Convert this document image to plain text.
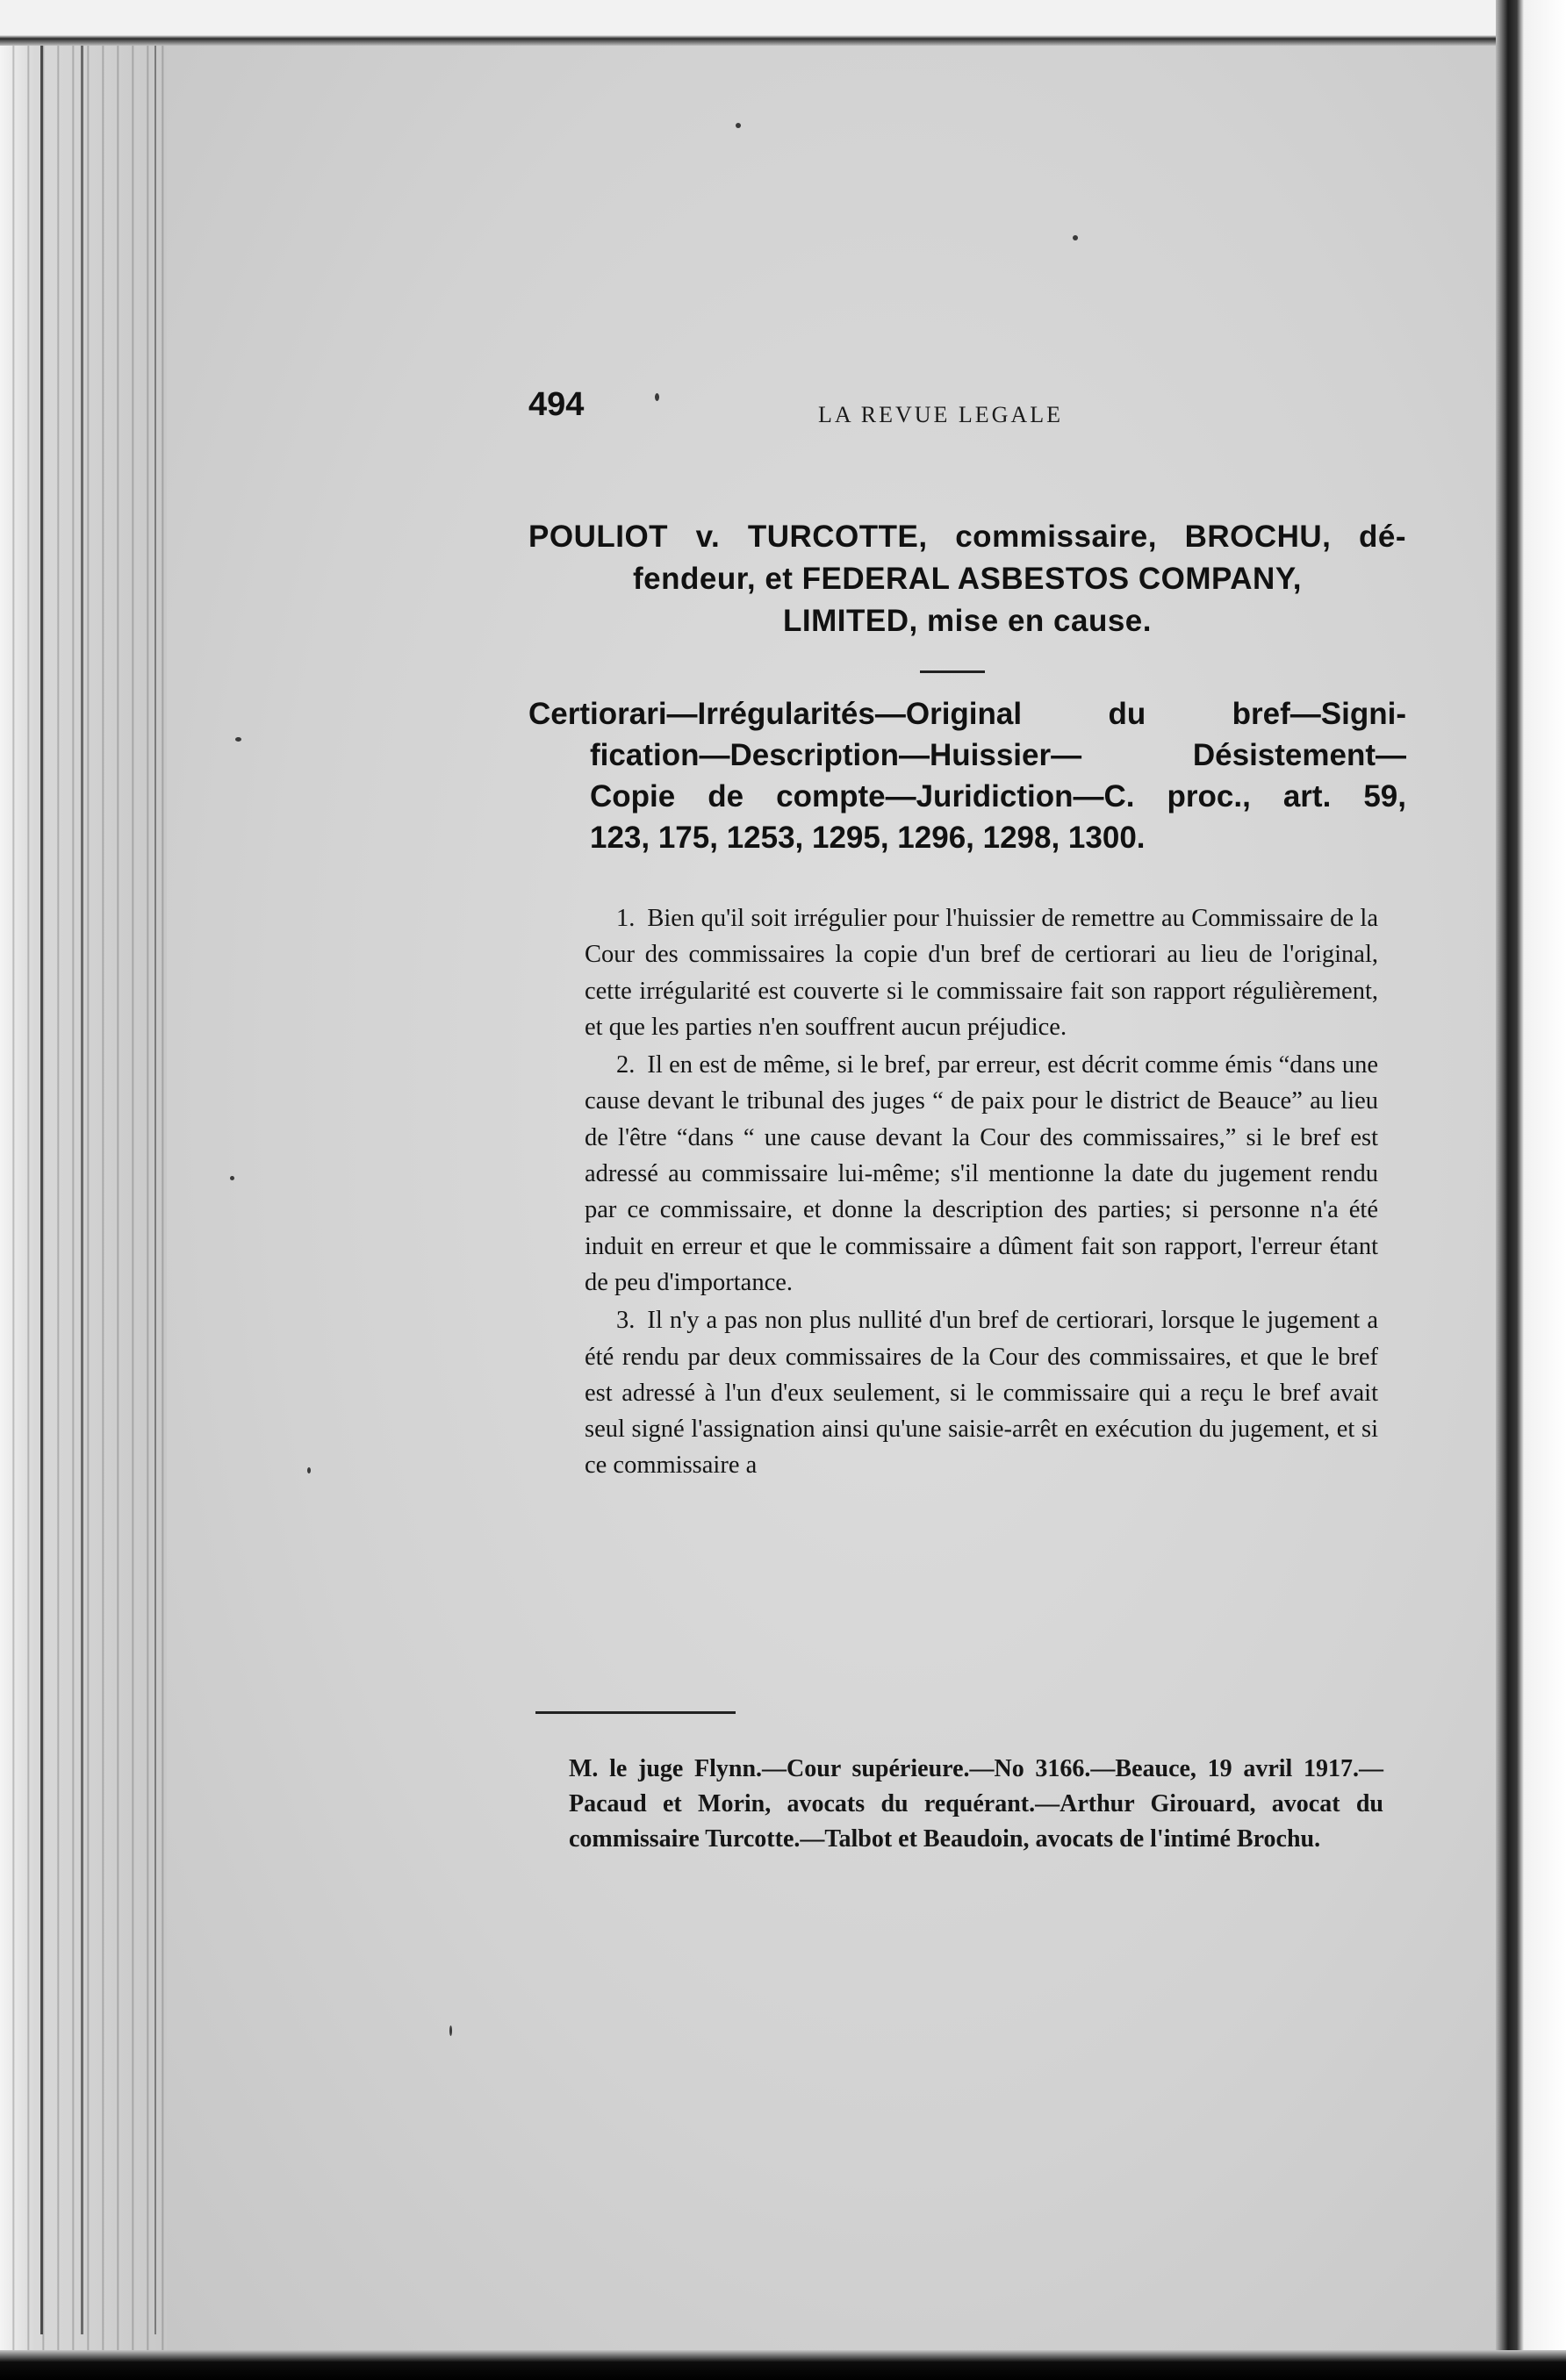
494	LA REVUE LEGALE
POULIOT v. TURCOTTE, commissaire, BROCHU, dé-
fendeur, et FEDERAL ASBESTOS COMPANY,
LIMITED, mise en cause.
Certiorari—Irrégularités—Original du bref—Signi-
fication—Description—Huissier— Désistement—
Copie de compte—Juridiction—C. proc., art. 59,
123, 175, 1253, 1295, 1296, 1298, 1300.

1. Bien qu'il soit irrégulier pour l'huissier de remettre au Commissaire de la Cour des commissaires la copie d'un bref de certiorari au lieu de l'original, cette irrégularité est couverte si le commissaire fait son rapport régulièrement, et que les parties n'en souffrent aucun préjudice.

2. Il en est de même, si le bref, par erreur, est décrit comme émis “dans une cause devant le tribunal des juges “ de paix pour le district de Beauce” au lieu de l'être “dans “ une cause devant la Cour des commissaires,” si le bref est adressé au commissaire lui-même; s'il mentionne la date du jugement rendu par ce commissaire, et donne la description des parties; si personne n'a été induit en erreur et que le commissaire a dûment fait son rapport, l'erreur étant de peu d'importance.

3. Il n'y a pas non plus nullité d'un bref de certiorari, lorsque le jugement a été rendu par deux commissaires de la Cour des commissaires, et que le bref est adressé à l'un d'eux seulement, si le commissaire qui a reçu le bref avait seul signé l'assignation ainsi qu'une saisie-arrêt en exécution du jugement, et si ce commissaire a

M. le juge Flynn.—Cour supérieure.—No 3166.—Beauce, 19 avril 1917.—Pacaud et Morin, avocats du requérant.—Arthur Girouard, avocat du commissaire Turcotte.—Talbot et Beaudoin, avocats de l'intimé Brochu.
